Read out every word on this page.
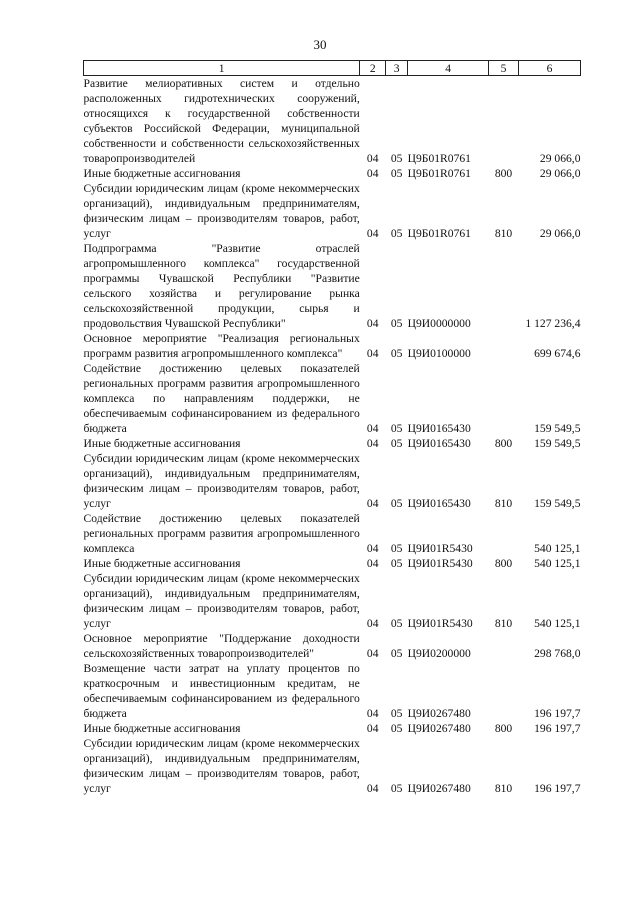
30
1	2	3	4	5	6
Развитие мелиоративных систем и отдельно расположенных гидротехнических сооружений, относящихся к государственной собственности субъектов Российской Федерации, муниципальной собственности и собственности сельскохозяйственных товаропроизводителей	04	05	Ц9Б01R0761		29 066,0
Иные бюджетные ассигнования	04	05	Ц9Б01R0761	800	29 066,0
Субсидии юридическим лицам (кроме некоммерческих организаций), индивидуальным предпринимателям, физическим лицам – производителям товаров, работ, услуг	04	05	Ц9Б01R0761	810	29 066,0
Подпрограмма "Развитие отраслей агропромышленного комплекса" государственной программы Чувашской Республики "Развитие сельского хозяйства и регулирование рынка сельскохозяйственной продукции, сырья и продовольствия Чувашской Республики"	04	05	Ц9И0000000		1 127 236,4
Основное мероприятие "Реализация региональных программ развития агропромышленного комплекса"	04	05	Ц9И0100000		699 674,6
Содействие достижению целевых показателей региональных программ развития агропромышленного комплекса по направлениям поддержки, не обеспечиваемым софинансированием из федерального бюджета	04	05	Ц9И0165430		159 549,5
Иные бюджетные ассигнования	04	05	Ц9И0165430	800	159 549,5
Субсидии юридическим лицам (кроме некоммерческих организаций), индивидуальным предпринимателям, физическим лицам – производителям товаров, работ, услуг	04	05	Ц9И0165430	810	159 549,5
Содействие достижению целевых показателей региональных программ развития агропромышленного комплекса	04	05	Ц9И01R5430		540 125,1
Иные бюджетные ассигнования	04	05	Ц9И01R5430	800	540 125,1
Субсидии юридическим лицам (кроме некоммерческих организаций), индивидуальным предпринимателям, физическим лицам – производителям товаров, работ, услуг	04	05	Ц9И01R5430	810	540 125,1
Основное мероприятие "Поддержание доходности сельскохозяйственных товаропроизводителей"	04	05	Ц9И0200000		298 768,0
Возмещение части затрат на уплату процентов по краткосрочным и инвестиционным кредитам, не обеспечиваемым софинансированием из федерального бюджета	04	05	Ц9И0267480		196 197,7
Иные бюджетные ассигнования	04	05	Ц9И0267480	800	196 197,7
Субсидии юридическим лицам (кроме некоммерческих организаций), индивидуальным предпринимателям, физическим лицам – производителям товаров, работ, услуг	04	05	Ц9И0267480	810	196 197,7
